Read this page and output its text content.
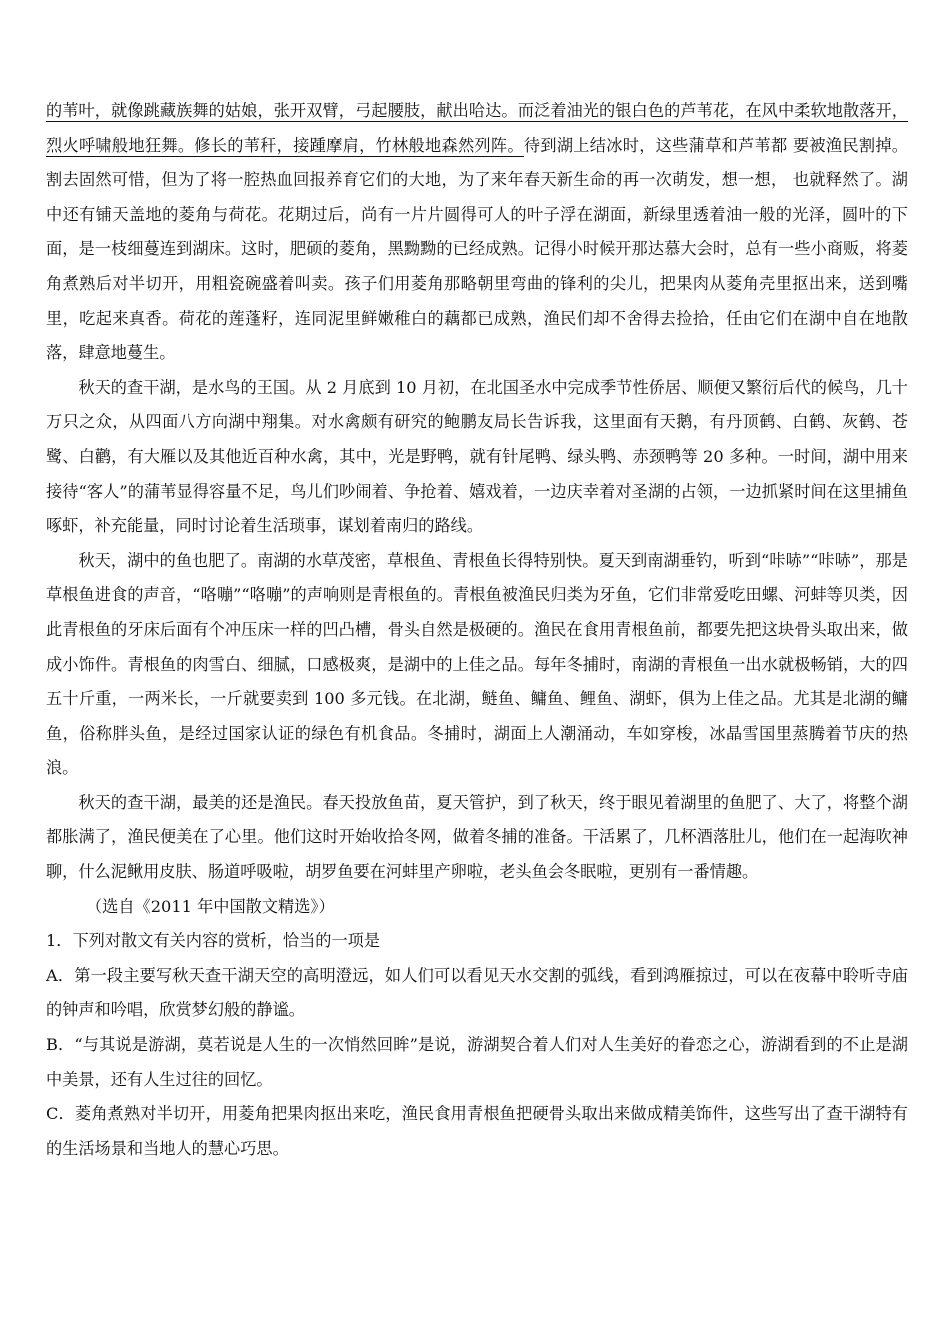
的苇叶，就像跳藏族舞的姑娘，张开双臂，弓起腰肢，献出哈达。而泛着油光的银白色的芦苇花，在风中柔软地散落开，烈火呼啸般地狂舞。修长的苇秆，接踵摩肩，竹林般地森然列阵。待到湖上结冰时，这些蒲草和芦苇都 要被渔民割掉。割去固然可惜，但为了将一腔热血回报养育它们的大地，为了来年春天新生命的再一次萌发，想一想， 也就释然了。湖中还有铺天盖地的菱角与荷花。花期过后，尚有一片片圆得可人的叶子浮在湖面，新绿里透着油一般的光泽，圆叶的下面，是一枝细蔓连到湖床。这时，肥硕的菱角，黑黝黝的已经成熟。记得小时候开那达慕大会时，总有一些小商贩，将菱角煮熟后对半切开，用粗瓷碗盛着叫卖。孩子们用菱角那略朝里弯曲的锋利的尖儿，把果肉从菱角壳里抠出来，送到嘴里，吃起来真香。荷花的莲蓬籽，连同泥里鲜嫩稚白的藕都已成熟，渔民们却不舍得去捡拾，任由它们在湖中自在地散落，肆意地蔓生。

秋天的查干湖，是水鸟的王国。从 2 月底到 10 月初，在北国圣水中完成季节性侨居、顺便又繁衍后代的候鸟，几十万只之众，从四面八方向湖中翔集。对水禽颇有研究的鲍鹏友局长告诉我，这里面有天鹅，有丹顶鹤、白鹤、灰鹤、苍鹭、白鹳，有大雁以及其他近百种水禽，其中，光是野鸭，就有针尾鸭、绿头鸭、赤颈鸭等 20 多种。一时间，湖中用来接待“客人”的蒲苇显得容量不足，鸟儿们吵闹着、争抢着、嬉戏着，一边庆幸着对圣湖的占领，一边抓紧时间在这里捕鱼啄虾，补充能量，同时讨论着生活琐事，谋划着南归的路线。

秋天，湖中的鱼也肥了。南湖的水草茂密，草根鱼、青根鱼长得特别快。夏天到南湖垂钓，听到“咔哧”“咔哧”，那是草根鱼进食的声音，“咯嘣”“咯嘣”的声响则是青根鱼的。青根鱼被渔民归类为牙鱼，它们非常爱吃田螺、河蚌等贝类，因此青根鱼的牙床后面有个冲压床一样的凹凸槽，骨头自然是极硬的。渔民在食用青根鱼前，都要先把这块骨头取出来，做成小饰件。青根鱼的肉雪白、细腻，口感极爽，是湖中的上佳之品。每年冬捕时，南湖的青根鱼一出水就极畅销，大的四五十斤重，一两米长，一斤就要卖到 100 多元钱。在北湖，鲢鱼、鳙鱼、鲤鱼、湖虾，俱为上佳之品。尤其是北湖的鳙鱼，俗称胖头鱼，是经过国家认证的绿色有机食品。冬捕时，湖面上人潮涌动，车如穿梭，冰晶雪国里蒸腾着节庆的热浪。

秋天的查干湖，最美的还是渔民。春天投放鱼苗，夏天管护，到了秋天，终于眼见着湖里的鱼肥了、大了，将整个湖都胀满了，渔民便美在了心里。他们这时开始收拾冬网，做着冬捕的准备。干活累了，几杯酒落肚儿，他们在一起海吹神聊，什么泥鳅用皮肤、肠道呼吸啦，胡罗鱼要在河蚌里产卵啦，老头鱼会冬眠啦，更别有一番情趣。

（选自《2011 年中国散文精选》）

1．下列对散文有关内容的赏析，恰当的一项是

A．第一段主要写秋天查干湖天空的高明澄远，如人们可以看见天水交割的弧线，看到鸿雁掠过，可以在夜幕中聆听寺庙的钟声和吟唱，欣赏梦幻般的静谧。

B．“与其说是游湖，莫若说是人生的一次悄然回眸”是说，游湖契合着人们对人生美好的眷恋之心，游湖看到的不止是湖中美景，还有人生过往的回忆。

C．菱角煮熟对半切开，用菱角把果肉抠出来吃，渔民食用青根鱼把硬骨头取出来做成精美饰件，这些写出了查干湖特有的生活场景和当地人的慧心巧思。
